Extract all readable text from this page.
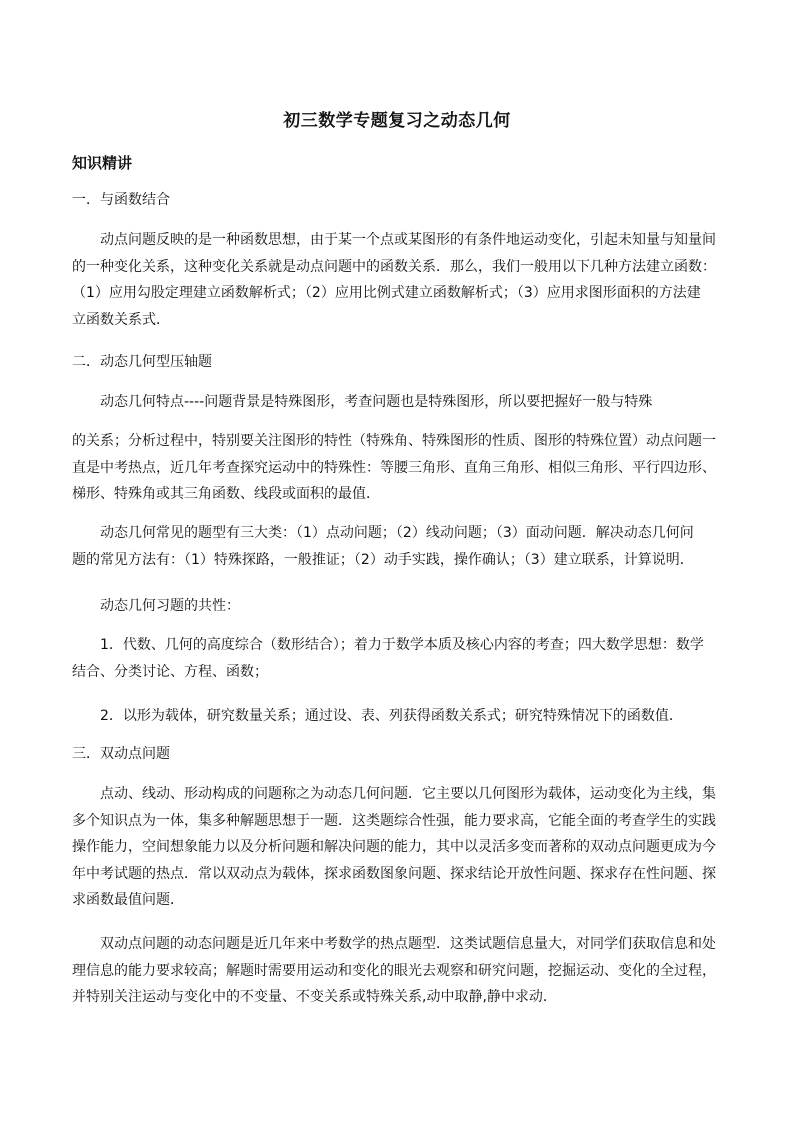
初三数学专题复习之动态几何
知识精讲
一．与函数结合
动点问题反映的是一种函数思想，由于某一个点或某图形的有条件地运动变化，引起未知量与知量间
的一种变化关系，这种变化关系就是动点问题中的函数关系．那么，我们一般用以下几种方法建立函数：
（1）应用勾股定理建立函数解析式；（2）应用比例式建立函数解析式；（3）应用求图形面积的方法建
立函数关系式．
二．动态几何型压轴题
动态几何特点----问题背景是特殊图形，考查问题也是特殊图形，所以要把握好一般与特殊
的关系；分析过程中，特别要关注图形的特性（特殊角、特殊图形的性质、图形的特殊位置）动点问题一
直是中考热点，近几年考查探究运动中的特殊性：等腰三角形、直角三角形、相似三角形、平行四边形、
梯形、特殊角或其三角函数、线段或面积的最值．
动态几何常见的题型有三大类：（1）点动问题；（2）线动问题；（3）面动问题．解决动态几何问
题的常见方法有：（1）特殊探路，一般推证；（2）动手实践，操作确认；（3）建立联系，计算说明．
动态几何习题的共性：
1．代数、几何的高度综合（数形结合）；着力于数学本质及核心内容的考查；四大数学思想：数学
结合、分类讨论、方程、函数；
2．以形为载体，研究数量关系；通过设、表、列获得函数关系式；研究特殊情况下的函数值．
三．双动点问题
点动、线动、形动构成的问题称之为动态几何问题．它主要以几何图形为载体，运动变化为主线，集
多个知识点为一体，集多种解题思想于一题．这类题综合性强，能力要求高，它能全面的考查学生的实践
操作能力，空间想象能力以及分析问题和解决问题的能力，其中以灵活多变而著称的双动点问题更成为今
年中考试题的热点．常以双动点为载体，探求函数图象问题、探求结论开放性问题、探求存在性问题、探
求函数最值问题．
双动点问题的动态问题是近几年来中考数学的热点题型．这类试题信息量大，对同学们获取信息和处
理信息的能力要求较高；解题时需要用运动和变化的眼光去观察和研究问题，挖掘运动、变化的全过程，
并特别关注运动与变化中的不变量、不变关系或特殊关系,动中取静,静中求动．
